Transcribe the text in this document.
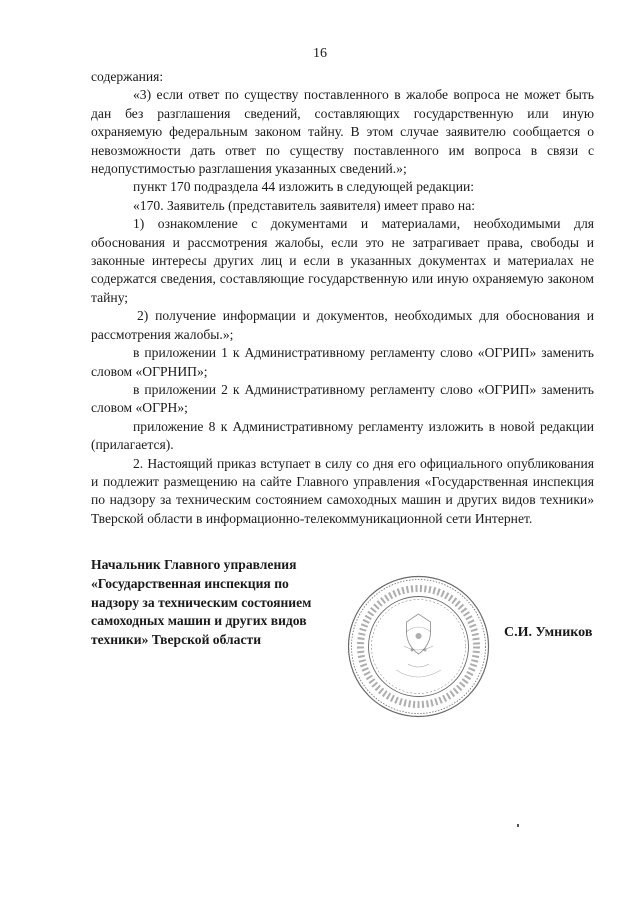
16

содержания:

«3) если ответ по существу поставленного в жалобе вопроса не может быть дан без разглашения сведений, составляющих государственную или иную охраняемую федеральным законом тайну. В этом случае заявителю сообщается о невозможности дать ответ по существу поставленного им вопроса в связи с недопустимостью разглашения указанных сведений.»;

пункт 170 подраздела 44 изложить в следующей редакции:

«170. Заявитель (представитель заявителя) имеет право на:

1) ознакомление с документами и материалами, необходимыми для обоснования и рассмотрения жалобы, если это не затрагивает права, свободы и законные интересы других лиц и если в указанных документах и материалах не содержатся сведения, составляющие государственную или иную охраняемую законом тайну;

2) получение информации и документов, необходимых для обоснования и рассмотрения жалобы.»;

в приложении 1 к Административному регламенту слово «ОГРИП» заменить словом «ОГРНИП»;

в приложении 2 к Административному регламенту слово «ОГРИП» заменить словом «ОГРН»;

приложение 8 к Административному регламенту изложить в новой редакции (прилагается).

2. Настоящий приказ вступает в силу со дня его официального опубликования и подлежит размещению на сайте Главного управления «Государственная инспекция по надзору за техническим состоянием самоходных машин и других видов техники» Тверской области в информационно-телекоммуникационной сети Интернет.

Начальник Главного управления
«Государственная инспекция по
надзору за техническим состоянием
самоходных машин и других видов
техники» Тверской области	С.И. Умников
